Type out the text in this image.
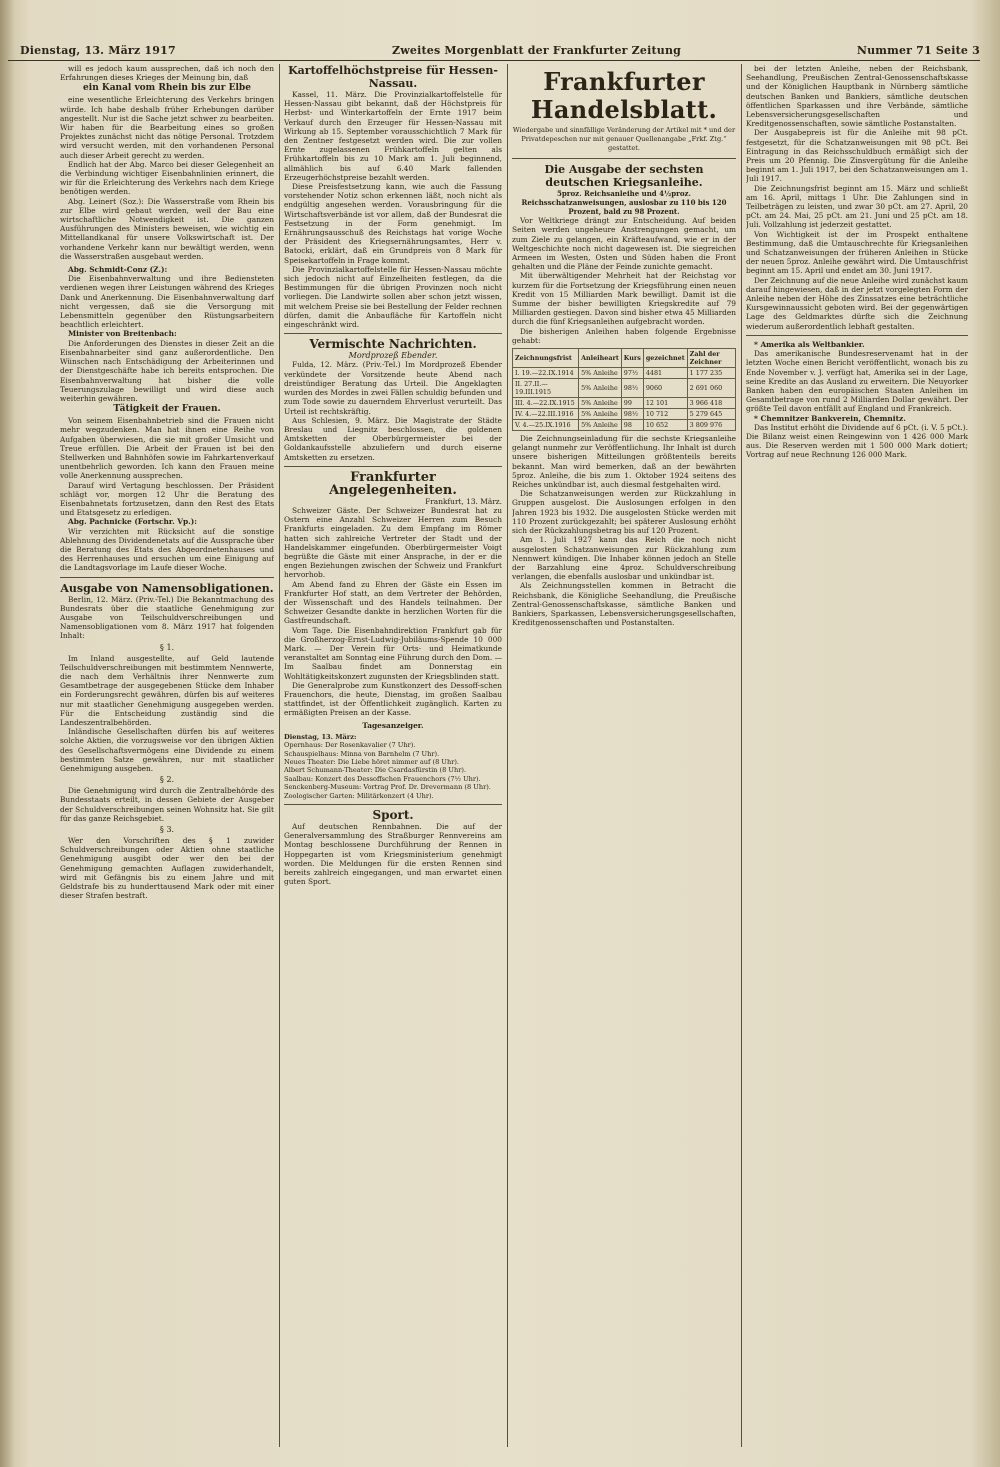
Dienstag, 13. März 1917	Zweites Morgenblatt der Frankfurter Zeitung	Nummer 71 Seite 3

will es jedoch kaum aussprechen, daß ich noch den Erfahrungen dieses Krieges der Meinung bin, daß

ein Kanal vom Rhein bis zur Elbe

eine wesentliche Erleichterung des Verkehrs bringen würde. Ich habe deshalb früher Erhebungen darüber angestellt. Nur ist die Sache jetzt schwer zu bearbeiten. Wir haben für die Bearbeitung eines so großen Projektes zunächst nicht das nötige Personal. Trotzdem wird versucht werden, mit den vorhandenen Personal auch dieser Arbeit gerecht zu werden.

Endlich hat der Abg. Marco bei dieser Gelegenheit an die Verbindung wichtiger Eisenbahnlinien erinnert, die wir für die Erleichterung des Verkehrs nach dem Kriege benötigen werden.

Abg. Leinert (Soz.): Die Wasserstraße vom Rhein bis zur Elbe wird gebaut werden, weil der Bau eine wirtschaftliche Notwendigkeit ist. Die ganzen Ausführungen des Ministers beweisen, wie wichtig ein Mittellandkanal für unsere Volkswirtschaft ist. Der vorhandene Verkehr kann nur bewältigt werden, wenn die Wasserstraßen ausgebaut werden.

Abg. Schmidt-Conz (Z.):

Die Eisenbahnverwaltung und ihre Bediensteten verdienen wegen ihrer Leistungen während des Krieges Dank und Anerkennung. Die Eisenbahnverwaltung darf nicht vergessen, daß sie die Versorgung mit Lebensmitteln gegenüber den Rüstungsarbeitern beachtlich erleichtert.

Minister von Breitenbach:

Die Anforderungen des Dienstes in dieser Zeit an die Eisenbahnarbeiter sind ganz außerordentliche. Den Wünschen nach Entschädigung der Arbeiterinnen und der Dienstgeschäfte habe ich bereits entsprochen. Die Eisenbahnverwaltung hat bisher die volle Teuerungszulage bewilligt und wird diese auch weiterhin gewähren.

Tätigkeit der Frauen.

Von seinem Eisenbahnbetrieb sind die Frauen nicht mehr wegzudenken. Man hat ihnen eine Reihe von Aufgaben überwiesen, die sie mit großer Umsicht und Treue erfüllen. Die Arbeit der Frauen ist bei den Stellwerken und Bahnhöfen sowie im Fahrkartenverkauf unentbehrlich geworden. Ich kann den Frauen meine volle Anerkennung aussprechen.

Darauf wird Vertagung beschlossen. Der Präsident schlägt vor, morgen 12 Uhr die Beratung des Eisenbahnetats fortzusetzen, dann den Rest des Etats und Etatsgesetz zu erledigen.

Abg. Pachnicke (Fortschr. Vp.):

Wir verzichten mit Rücksicht auf die sonstige Ablehnung des Dividendenetats auf die Aussprache über die Beratung des Etats des Abgeordnetenhauses und des Herrenhauses und ersuchen um eine Einigung auf die Landtagsvorlage im Laufe dieser Woche.

Ausgabe von Namensobligationen.

Berlin, 12. März. (Priv.-Tel.) Die Bekanntmachung des Bundesrats über die staatliche Genehmigung zur Ausgabe von Teilschuldverschreibungen und Namensobligationen vom 8. März 1917 hat folgenden Inhalt:

§ 1.

Im Inland ausgestellte, auf Geld lautende Teilschuldverschreibungen mit bestimmtem Nennwerte, die nach dem Verhältnis ihrer Nennwerte zum Gesamtbetrage der ausgegebenen Stücke dem Inhaber ein Forderungsrecht gewähren, dürfen bis auf weiteres nur mit staatlicher Genehmigung ausgegeben werden. Für die Entscheidung zuständig sind die Landeszentralbehörden.

Inländische Gesellschaften dürfen bis auf weiteres solche Aktien, die vorzugsweise vor den übrigen Aktien des Gesellschaftsvermögens eine Dividende zu einem bestimmten Satze gewähren, nur mit staatlicher Genehmigung ausgeben.

§ 2.

Die Genehmigung wird durch die Zentralbehörde des Bundesstaats erteilt, in dessen Gebiete der Ausgeber der Schuldverschreibungen seinen Wohnsitz hat. Sie gilt für das ganze Reichsgebiet.

§ 3.

Wer den Vorschriften des § 1 zuwider Schuldverschreibungen oder Aktien ohne staatliche Genehmigung ausgibt oder wer den bei der Genehmigung gemachten Auflagen zuwiderhandelt, wird mit Gefängnis bis zu einem Jahre und mit Geldstrafe bis zu hunderttausend Mark oder mit einer dieser Strafen bestraft.

Kartoffelhöchstpreise für Hessen-Nassau.

Kassel, 11. März. Die Provinzialkartoffelstelle für Hessen-Nassau gibt bekannt, daß der Höchstpreis für Herbst- und Winterkartoffeln der Ernte 1917 beim Verkauf durch den Erzeuger für Hessen-Nassau mit Wirkung ab 15. September vorausschichtlich 7 Mark für den Zentner festgesetzt werden wird. Die zur vollen Ernte zugelassenen Frühkartoffeln gelten als Frühkartoffeln bis zu 10 Mark am 1. Juli beginnend, allmählich bis auf 6.40 Mark fallenden Erzeugerhöchstpreise bezahlt werden.

Diese Preisfestsetzung kann, wie auch die Fassung vorstehender Notiz schon erkennen läßt, noch nicht als endgültig angesehen werden. Vorausbringung für die Wirtschaftsverbände ist vor allem, daß der Bundesrat die Festsetzung in der Form genehmigt. Im Ernährungsausschuß des Reichstags hat vorige Woche der Präsident des Kriegsernährungsamtes, Herr v. Batocki, erklärt, daß ein Grundpreis von 8 Mark für Speisekartoffeln in Frage kommt.

Die Provinzialkartoffelstelle für Hessen-Nassau möchte sich jedoch nicht auf Einzelheiten festlegen, da die Bestimmungen für die übrigen Provinzen noch nicht vorliegen. Die Landwirte sollen aber schon jetzt wissen, mit welchem Preise sie bei Bestellung der Felder rechnen dürfen, damit die Anbaufläche für Kartoffeln nicht eingeschränkt wird.

Vermischte Nachrichten.

Mordprozeß Ebender.

Fulda, 12. März. (Priv.-Tel.) Im Mordprozeß Ebender verkündete der Vorsitzende heute Abend nach dreistündiger Beratung das Urteil. Die Angeklagten wurden des Mordes in zwei Fällen schuldig befunden und zum Tode sowie zu dauerndem Ehrverlust verurteilt. Das Urteil ist rechtskräftig.

Aus Schlesien, 9. März. Die Magistrate der Städte Breslau und Liegnitz beschlossen, die goldenen Amtsketten der Oberbürgermeister bei der Goldankaufsstelle abzuliefern und durch eiserne Amtsketten zu ersetzen.

Frankfurter Angelegenheiten.

Frankfurt, 13. März.

Schweizer Gäste. Der Schweizer Bundesrat hat zu Ostern eine Anzahl Schweizer Herren zum Besuch Frankfurts eingeladen. Zu dem Empfang im Römer hatten sich zahlreiche Vertreter der Stadt und der Handelskammer eingefunden. Oberbürgermeister Voigt begrüßte die Gäste mit einer Ansprache, in der er die engen Beziehungen zwischen der Schweiz und Frankfurt hervorhob.

Am Abend fand zu Ehren der Gäste ein Essen im Frankfurter Hof statt, an dem Vertreter der Behörden, der Wissenschaft und des Handels teilnahmen. Der Schweizer Gesandte dankte in herzlichen Worten für die Gastfreundschaft.

Vom Tage. Die Eisenbahndirektion Frankfurt gab für die Großherzog-Ernst-Ludwig-Jubiläums-Spende 10 000 Mark. — Der Verein für Orts- und Heimatkunde veranstaltet am Sonntag eine Führung durch den Dom. — Im Saalbau findet am Donnerstag ein Wohltätigkeitskonzert zugunsten der Kriegsblinden statt.

Die Generalprobe zum Kunstkonzert des Dessoff-schen Frauenchors, die heute, Dienstag, im großen Saalbau stattfindet, ist der Öffentlichkeit zugänglich. Karten zu ermäßigten Preisen an der Kasse.

Tagesanzeiger.
Dienstag, 13. März:
Opernhaus: Der Rosenkavalier (7 Uhr).
Schauspielhaus: Minna von Barnhelm (7 Uhr).
Neues Theater: Die Liebe höret nimmer auf (8 Uhr).
Albert Schumann-Theater: Die Csardasfürstin (8 Uhr).
Saalbau: Konzert des Dessoffschen Frauenchors (7½ Uhr).
Senckenberg-Museum: Vortrag Prof. Dr. Drevermann (8 Uhr).
Zoologischer Garten: Militärkonzert (4 Uhr).

Sport.

Auf deutschen Rennbahnen. Die auf der Generalversammlung des Straßburger Rennvereins am Montag beschlossene Durchführung der Rennen in Hoppegarten ist vom Kriegsministerium genehmigt worden. Die Meldungen für die ersten Rennen sind bereits zahlreich eingegangen, und man erwartet einen guten Sport.

Frankfurter Handelsblatt.

Wiedergabe und sinnfällige Veränderung der Artikel mit * und der Privatdepeschen nur mit genauer Quellenangabe „Frkf. Ztg.“ gestattet.

Die Ausgabe der sechsten deutschen Kriegsanleihe.

5proz. Reichsanleihe und 4½proz. Reichsschatzanweisungen, auslosbar zu 110 bis 120 Prozent, bald zu 98 Prozent.

Vor Weltkriege drängt zur Entscheidung. Auf beiden Seiten werden ungeheure Anstrengungen gemacht, um zum Ziele zu gelangen, ein Kräfteaufwand, wie er in der Weltgeschichte noch nicht dagewesen ist. Die siegreichen Armeen im Westen, Osten und Süden haben die Front gehalten und die Pläne der Feinde zunichte gemacht.

Mit überwältigender Mehrheit hat der Reichstag vor kurzem für die Fortsetzung der Kriegsführung einen neuen Kredit von 15 Milliarden Mark bewilligt. Damit ist die Summe der bisher bewilligten Kriegskredite auf 79 Milliarden gestiegen. Davon sind bisher etwa 45 Milliarden durch die fünf Kriegsanleihen aufgebracht worden.

Die bisherigen Anleihen haben folgende Ergebnisse gehabt:

Zeichnungsfrist	Anleiheart	Kurs	gezeichnet	Zahl der Zeichner
I. 19.—22.IX.1914	5% Anleihe	97½	4481	1 177 235
II. 27.II.—19.III.1915	5% Anleihe	98½	9060	2 691 060
III. 4.—22.IX.1915	5% Anleihe	99	12 101	3 966 418
IV. 4.—22.III.1916	5% Anleihe	98½	10 712	5 279 645
V. 4.—25.IX.1916	5% Anleihe	98	10 652	3 809 976

Die Zeichnungseinladung für die sechste Kriegsanleihe gelangt nunmehr zur Veröffentlichung. Ihr Inhalt ist durch unsere bisherigen Mitteilungen größtenteils bereits bekannt. Man wird bemerken, daß an der bewährten 5proz. Anleihe, die bis zum 1. Oktober 1924 seitens des Reiches unkündbar ist, auch diesmal festgehalten wird.

Die Schatzanweisungen werden zur Rückzahlung in Gruppen ausgelost. Die Auslosungen erfolgen in den Jahren 1923 bis 1932. Die ausgelosten Stücke werden mit 110 Prozent zurückgezahlt; bei späterer Auslosung erhöht sich der Rückzahlungsbetrag bis auf 120 Prozent.

Am 1. Juli 1927 kann das Reich die noch nicht ausgelosten Schatzanweisungen zur Rückzahlung zum Nennwert kündigen. Die Inhaber können jedoch an Stelle der Barzahlung eine 4proz. Schuldverschreibung verlangen, die ebenfalls auslosbar und unkündbar ist.

Als Zeichnungsstellen kommen in Betracht die Reichsbank, die Königliche Seehandlung, die Preußische Zentral-Genossenschaftskasse, sämtliche Banken und Bankiers, Sparkassen, Lebensversicherungsgesellschaften, Kreditgenossenschaften und Postanstalten.

bei der letzten Anleihe, neben der Reichsbank, Seehandlung, Preußischen Zentral-Genossenschaftskasse und der Königlichen Hauptbank in Nürnberg sämtliche deutschen Banken und Bankiers, sämtliche deutschen öffentlichen Sparkassen und ihre Verbände, sämtliche Lebensversicherungsgesellschaften und Kreditgenossenschaften, sowie sämtliche Postanstalten.

Der Ausgabepreis ist für die Anleihe mit 98 pCt. festgesetzt, für die Schatzanweisungen mit 98 pCt. Bei Eintragung in das Reichsschuldbuch ermäßigt sich der Preis um 20 Pfennig. Die Zinsvergütung für die Anleihe beginnt am 1. Juli 1917, bei den Schatzanweisungen am 1. Juli 1917.

Die Zeichnungsfrist beginnt am 15. März und schließt am 16. April, mittags 1 Uhr. Die Zahlungen sind in Teilbeträgen zu leisten, und zwar 30 pCt. am 27. April, 20 pCt. am 24. Mai, 25 pCt. am 21. Juni und 25 pCt. am 18. Juli. Vollzahlung ist jederzeit gestattet.

Von Wichtigkeit ist der im Prospekt enthaltene Bestimmung, daß die Umtauschrechte für Kriegsanleihen und Schatzanweisungen der früheren Anleihen in Stücke der neuen 5proz. Anleihe gewährt wird. Die Umtauschfrist beginnt am 15. April und endet am 30. Juni 1917.

Der Zeichnung auf die neue Anleihe wird zunächst kaum darauf hingewiesen, daß in der jetzt vorgelegten Form der Anleihe neben der Höhe des Zinssatzes eine beträchtliche Kursgewinnaussicht geboten wird. Bei der gegenwärtigen Lage des Geldmarktes dürfte sich die Zeichnung wiederum außerordentlich lebhaft gestalten.

* Amerika als Weltbankier.

Das amerikanische Bundesreservenamt hat in der letzten Woche einen Bericht veröffentlicht, wonach bis zu Ende November v. J. verfügt hat, Amerika sei in der Lage, seine Kredite an das Ausland zu erweitern. Die Neuyorker Banken haben den europäischen Staaten Anleihen im Gesamtbetrage von rund 2 Milliarden Dollar gewährt. Der größte Teil davon entfällt auf England und Frankreich.

* Chemnitzer Bankverein, Chemnitz.

Das Institut erhöht die Dividende auf 6 pCt. (i. V. 5 pCt.). Die Bilanz weist einen Reingewinn von 1 426 000 Mark aus. Die Reserven werden mit 1 500 000 Mark dotiert; Vortrag auf neue Rechnung 126 000 Mark.
